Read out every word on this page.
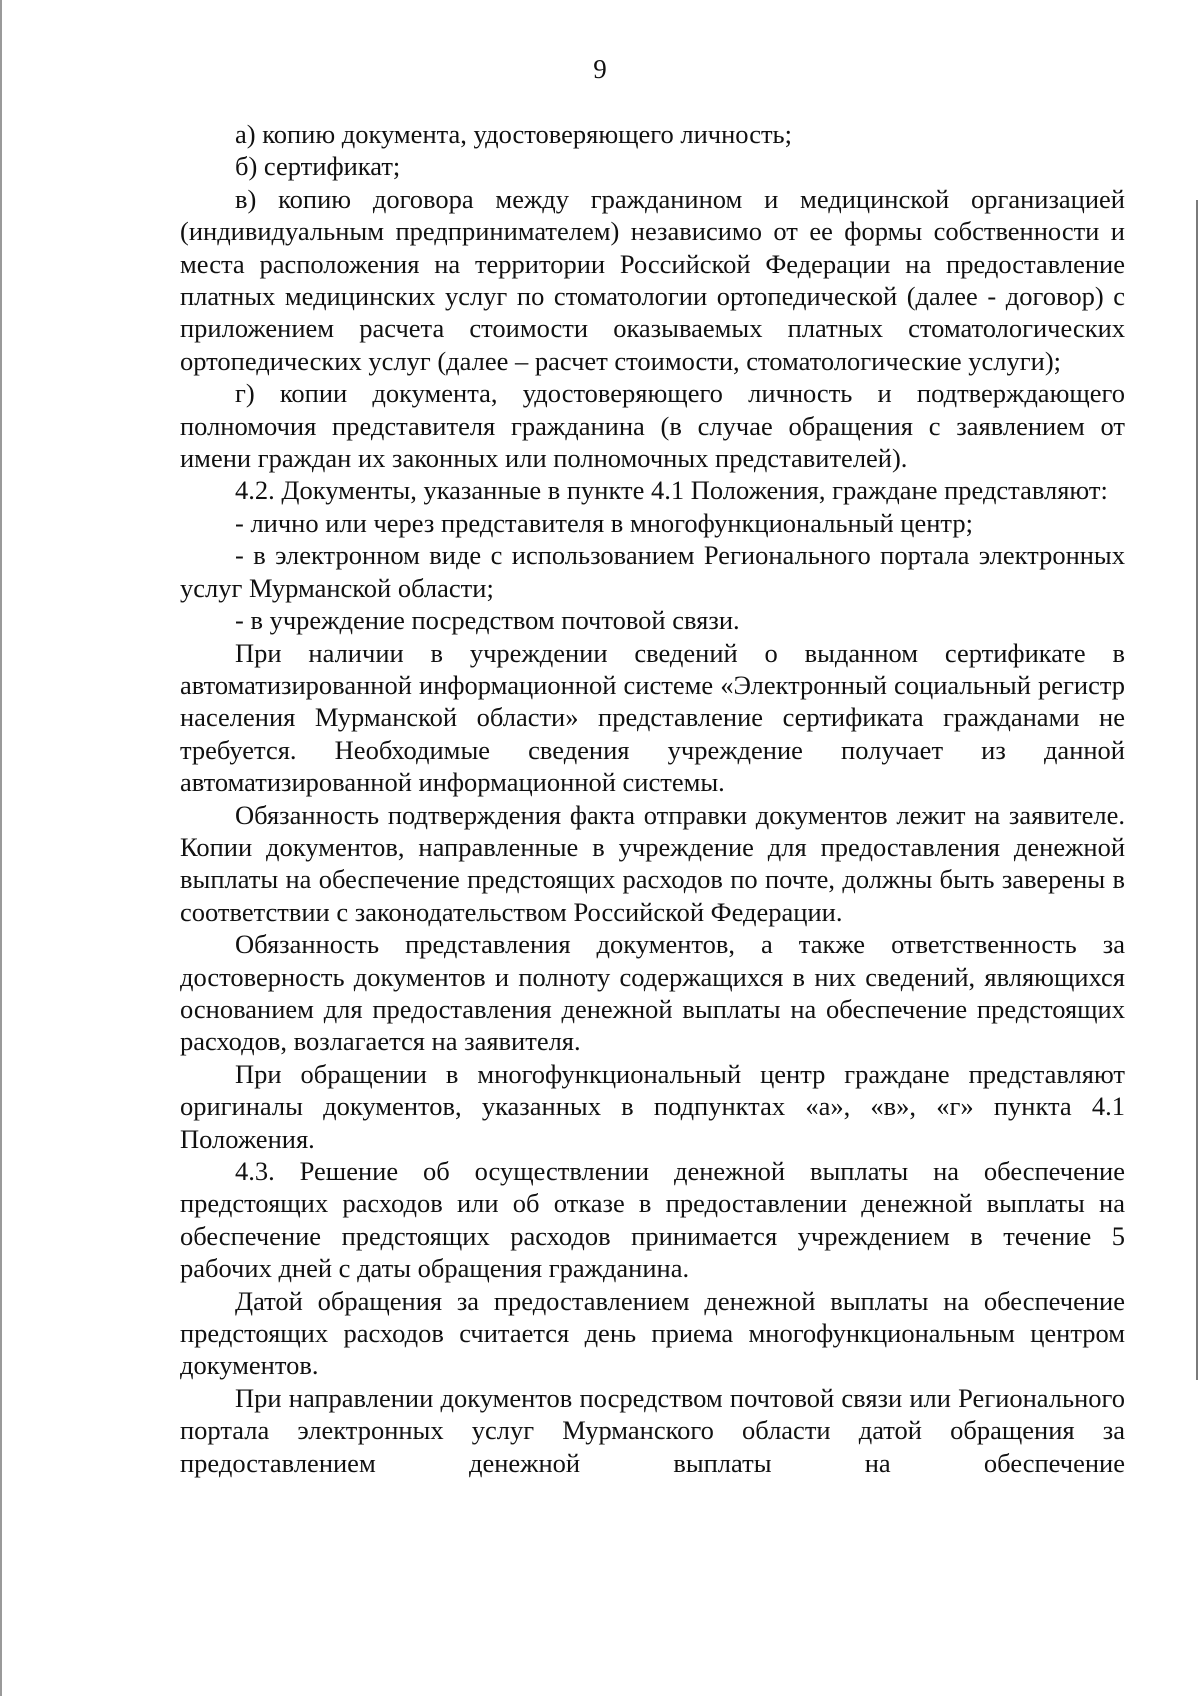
9

а) копию документа, удостоверяющего личность;

б) сертификат;

в) копию договора между гражданином и медицинской организацией (индивидуальным предпринимателем) независимо от ее формы собственности и места расположения на территории Российской Федерации на предоставление платных медицинских услуг по стоматологии ортопедической (далее - договор) с приложением расчета стоимости оказываемых платных стоматологических ортопедических услуг (далее – расчет стоимости, стоматологические услуги);

г) копии документа, удостоверяющего личность и подтверждающего полномочия представителя гражданина (в случае обращения с заявлением от имени граждан их законных или полномочных представителей).

4.2. Документы, указанные в пункте 4.1 Положения, граждане представляют:

- лично или через представителя в многофункциональный центр;

- в электронном виде с использованием Регионального портала электронных услуг Мурманской области;

- в учреждение посредством почтовой связи.

При наличии в учреждении сведений о выданном сертификате в автоматизированной информационной системе «Электронный социальный регистр населения Мурманской области» представление сертификата гражданами не требуется. Необходимые сведения учреждение получает из данной автоматизированной информационной системы.

Обязанность подтверждения факта отправки документов лежит на заявителе. Копии документов, направленные в учреждение для предоставления денежной выплаты на обеспечение предстоящих расходов по почте, должны быть заверены в соответствии с законодательством Российской Федерации.

Обязанность представления документов, а также ответственность за достоверность документов и полноту содержащихся в них сведений, являющихся основанием для предоставления денежной выплаты на обеспечение предстоящих расходов, возлагается на заявителя.

При обращении в многофункциональный центр граждане представляют оригиналы документов, указанных в подпунктах «а», «в», «г» пункта 4.1 Положения.

4.3. Решение об осуществлении денежной выплаты на обеспечение предстоящих расходов или об отказе в предоставлении денежной выплаты на обеспечение предстоящих расходов принимается учреждением в течение 5 рабочих дней с даты обращения гражданина.

Датой обращения за предоставлением денежной выплаты на обеспечение предстоящих расходов считается день приема многофункциональным центром документов.

При направлении документов посредством почтовой связи или Регионального портала электронных услуг Мурманского области датой обращения за предоставлением денежной выплаты на обеспечение
